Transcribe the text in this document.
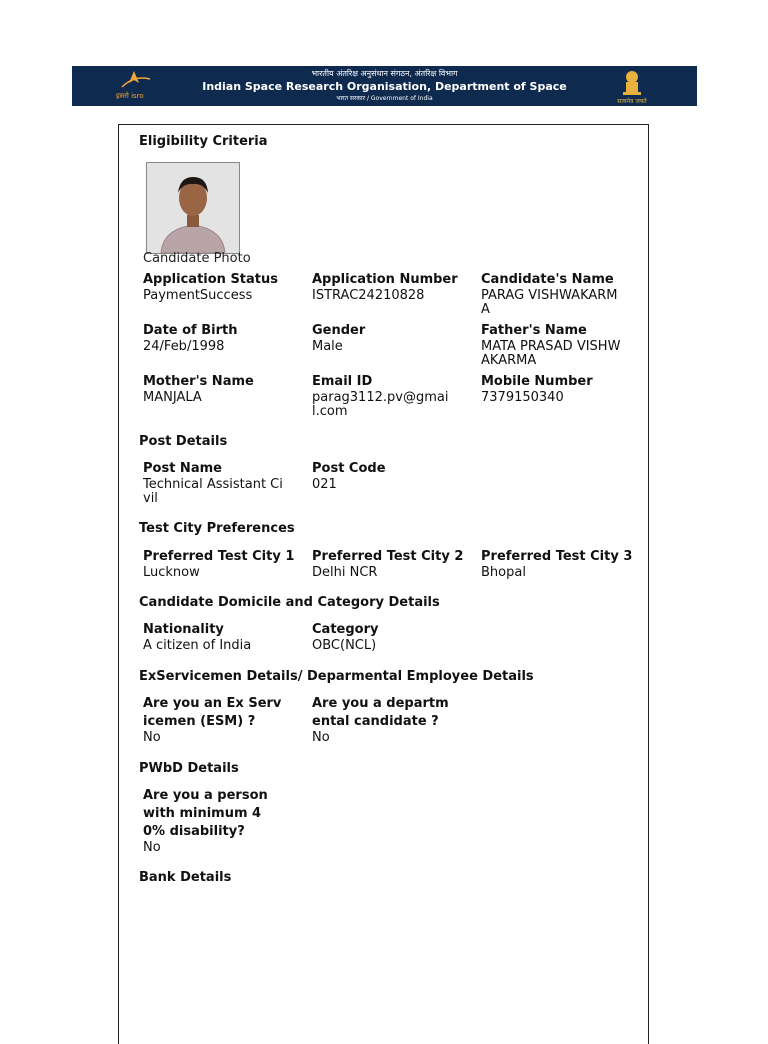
इसरो isro
भारतीय अंतरिक्ष अनुसंधान संगठन, अंतरिक्ष विभाग
Indian Space Research Organisation, Department of Space
भारत सरकार / Government of India	सत्यमेव जयते
Eligibility Criteria
Candidate Photo
Application Status
PaymentSuccess
Application Number
ISTRAC24210828
Candidate's Name
PARAG VISHWAKARMA
Date of Birth
24/Feb/1998
Gender
Male
Father's Name
MATA PRASAD VISHWAKARMA
Mother's Name
MANJALA
Email ID
parag3112.pv@gmail.com
Mobile Number
7379150340
Post Details
Post Name
Technical Assistant Civil
Post Code
021
Test City Preferences
Preferred Test City 1
Lucknow
Preferred Test City 2
Delhi NCR
Preferred Test City 3
Bhopal
Candidate Domicile and Category Details
Nationality
A citizen of India
Category
OBC(NCL)
ExServicemen Details/ Deparmental Employee Details
Are you an Ex Servicemen (ESM) ?
No
Are you a departmental candidate ?
No
PWbD Details
Are you a person with minimum 40% disability?
No
Bank Details
